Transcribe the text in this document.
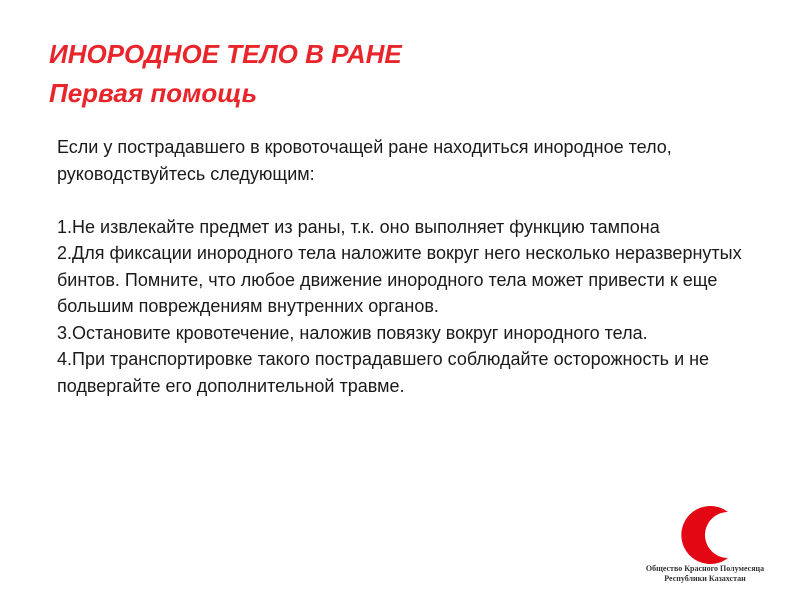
ИНОРОДНОЕ ТЕЛО В РАНЕ
Первая помощь

Если у пострадавшего в кровоточащей ране находиться инородное тело, руководствуйтесь следующим:

1.Не извлекайте предмет из раны, т.к. оно выполняет функцию тампона

2.Для фиксации инородного тела наложите вокруг него несколько неразвернутых бинтов. Помните, что любое движение инородного тела может привести к еще большим повреждениям внутренних органов.

3.Остановите кровотечение, наложив повязку вокруг инородного тела.

4.При транспортировке такого пострадавшего соблюдайте осторожность и не подвергайте его дополнительной травме.

Общество Красного Полумесяца
Республики Казахстан
